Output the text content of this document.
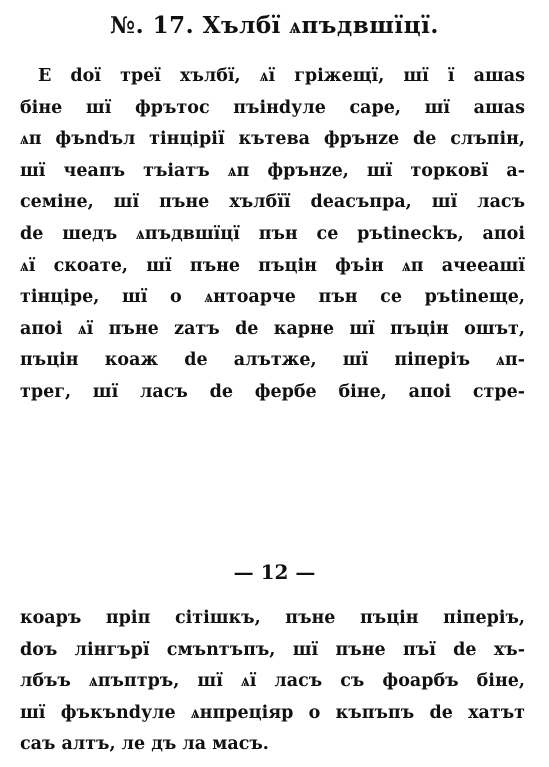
№. 17. Хълбї ѧпъдвшїцї.
Е doї треї хълбї, ѧї гріжещї, шї ї ашаѕ
біне шї фрътос пъінdуле саре, шї ашаѕ
ѧп фъndъл тінцірії кътева фрънzе de слъпін,
шї чеапъ тъіатъ ѧп фрънzе, шї торковї а-
семіне, шї пъне хълбїї deасъпра, шї ласъ
de шедъ ѧпъдвшїцї пън се ръtіnеckъ, апоі
ѧї скоате, шї пъне пъцін фъін ѧп ачеeашї
тінціре, шї о ѧнтоарче пън се ръtіnеще,
апоі ѧї пъне zатъ de карне шї пъцін ошът,
пъцін коаж de алътже, шї піперіъ ѧп-
трег, шї ласъ de фербе біне, апоі стре-
— 12 —
коаръ пріп сітішкъ, пъне пъцін піперіъ,
doъ лінгърї смъnтъпъ, шї пъне пъї de хъ-
лбъъ ѧпъптръ, шї ѧї ласъ съ фоарбъ біне,
шї фъкъndуле ѧнпреціяр о къпъпъ de хатът
саъ алтъ, ле дъ ла масъ.
